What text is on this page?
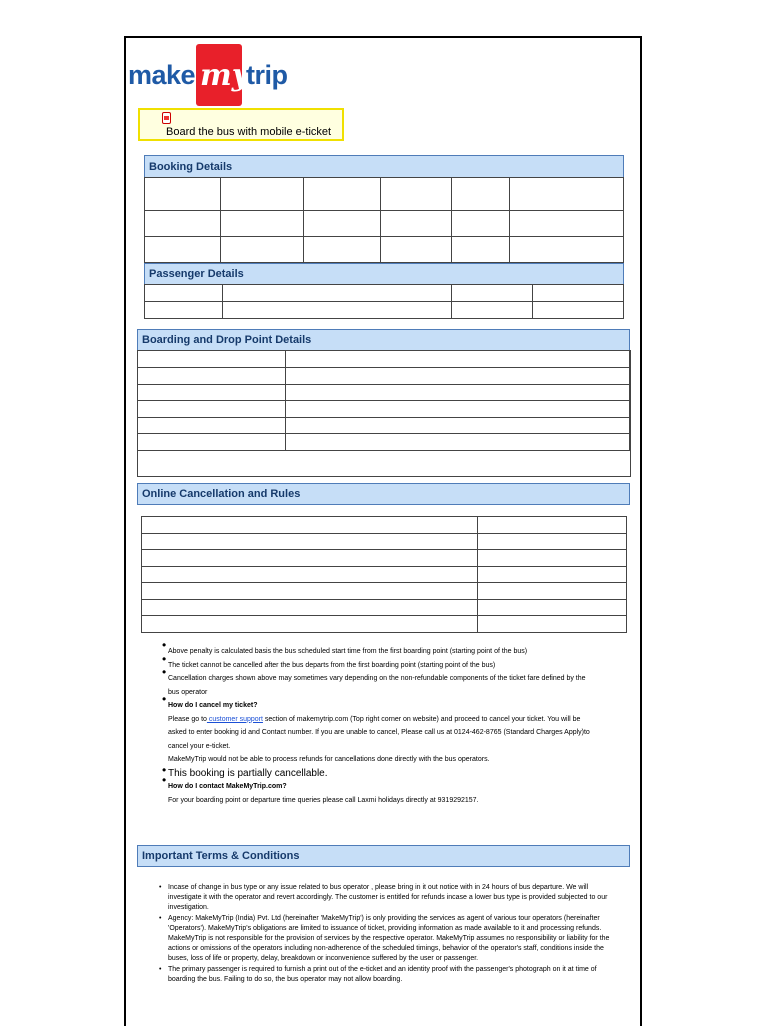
make my
trip
Board the bus with mobile e-ticket
Booking Details

Passenger Details

Boarding and Drop Point Details

Online Cancellation and Rules

• Above penalty is calculated basis the bus scheduled start time from the first boarding point (starting point of the bus)
• The ticket cannot be cancelled after the bus departs from the first boarding point (starting point of the bus)
• Cancellation charges shown above may sometimes vary depending on the non-refundable components of the ticket fare defined by the
bus operator
• How do I cancel my ticket?
Please go to customer support section of makemytrip.com (Top right corner on website) and proceed to cancel your ticket. You will be
asked to enter booking id and Contact number. If you are unable to cancel, Please call us at 0124-462-8765 (Standard Charges Apply)to
cancel your e-ticket.
MakeMyTrip would not be able to process refunds for cancellations done directly with the bus operators.
• This booking is partially cancellable.
• How do I contact MakeMyTrip.com?
For your boarding point or departure time queries please call Laxmi holidays directly at 9319292157.
Important Terms & Conditions
• Incase of change in bus type or any issue related to bus operator , please bring in it out notice with in 24 hours of bus departure. We will investigate it with the operator and revert accordingly. The customer is entitled for refunds incase a lower bus type is provided subjected to our investigation.
• Agency: MakeMyTrip (India) Pvt. Ltd (hereinafter 'MakeMyTrip') is only providing the services as agent of various tour operators (hereinafter 'Operators'). MakeMyTrip's obligations are limited to issuance of ticket, providing information as made available to it and processing refunds. MakeMyTrip is not responsible for the provision of services by the respective operator. MakeMyTrip assumes no responsibility or liability for the actions or omissions of the operators including non-adherence of the scheduled timings, behavior of the operator's staff, conditions inside the buses, loss of life or property, delay, breakdown or inconvenience suffered by the user or passenger.
• The primary passenger is required to furnish a print out of the e-ticket and an identity proof with the passenger's photograph on it at time of boarding the bus. Failing to do so, the bus operator may not allow boarding.
